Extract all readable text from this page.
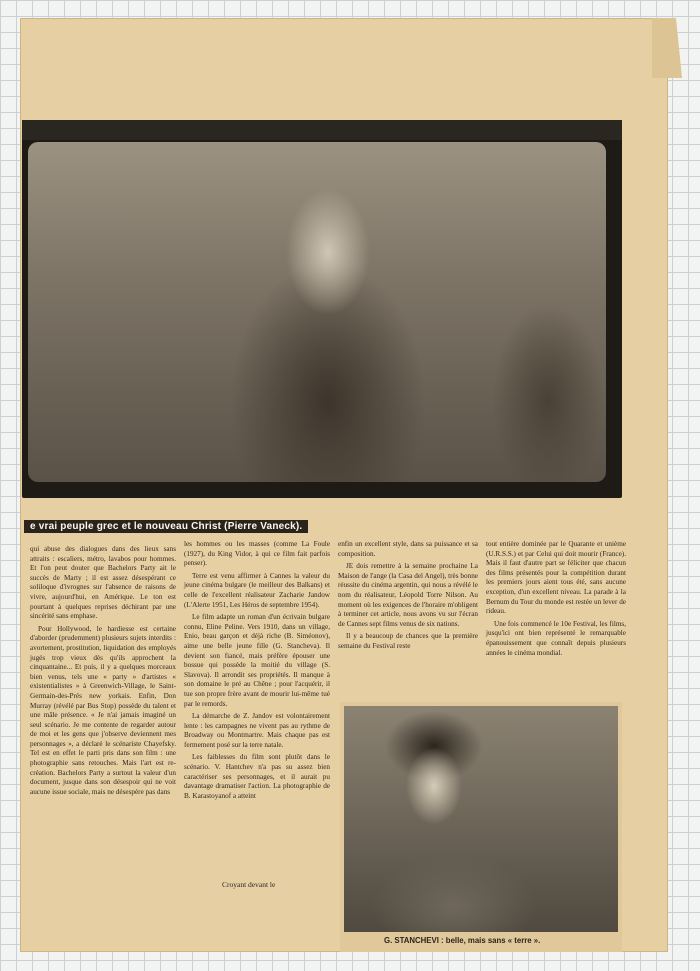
e vrai peuple grec et le nouveau Christ (Pierre Vaneck).

qui abuse des dialogues dans des lieux sans attraits : escaliers, métro, lavabos pour hommes. Et l'on peut douter que Bachelors Party ait le succès de Marty ; il est assez désespérant ce soliloque d'ivrognes sur l'absence de raisons de vivre, aujourd'hui, en Amérique. Le ton est pourtant à quelques reprises déchirant par une sincérité sans emphase.

Pour Hollywood, le hardiesse est certaine d'aborder (prudemment) plusieurs sujets interdits : avortement, prostitution, liquidation des employés jugés trop vieux dès qu'ils approchent la cinquantaine... Et puis, il y a quelques morceaux bien venus, tels une « party » d'artistes « existentialistes » à Greenwich-Village, le Saint-Germain-des-Prés new yorkais. Enfin, Don Murray (révélé par Bus Stop) possède du talent et une mâle présence. « Je n'ai jamais imaginé un seul scénario. Je me contente de regarder autour de moi et les gens que j'observe deviennent mes personnages », a déclaré le scénariste Chayefsky. Tel est en effet le parti pris dans son film : une photographie sans retouches. Mais l'art est re-création. Bachelors Party a surtout la valeur d'un document, jusque dans son désespoir qui ne voit aucune issue sociale, mais ne désespère pas dans

les hommes ou les masses (comme La Foule (1927), du King Vidor, à qui ce film fait parfois penser).

Terre est venu affirmer à Cannes la valeur du jeune cinéma bulgare (le meilleur des Balkans) et celle de l'excellent réalisateur Zacharie Jandow (L'Alerte 1951, Les Héros de septembre 1954).

Le film adapte un roman d'un écrivain bulgare connu, Eline Peline. Vers 1910, dans un village, Enio, beau garçon et déjà riche (B. Siméonov), aime une belle jeune fille (G. Stancheva). Il devient son fiancé, mais préfère épouser une bossue qui possède la moitié du village (S. Slavova). Il arrondit ses propriétés. Il manque à son domaine le pré au Chêne ; pour l'acquérir, il tue son propre frère avant de mourir lui-même tué par le remords.

La démarche de Z. Jandov est volontairement lente : les campagnes ne vivent pas au rythme de Broadway ou Montmartre. Mais chaque pas est fermement posé sur la terre natale.

Les faiblesses du film sont plutôt dans le scénario. V. Hantchev n'a pas su assez bien caractériser ses personnages, et il aurait pu davantage dramatiser l'action. La photographie de B. Karastoyanof a atteint

enfin un excellent style, dans sa puissance et sa composition.

JE dois remettre à la semaine prochaine La Maison de l'ange (la Casa del Angel), très bonne réussite du cinéma argentin, qui nous a révélé le nom du réalisateur, Léopold Torre Nilson. Au moment où les exigences de l'horaire m'obligent à terminer cet article, nous avons vu sur l'écran de Cannes sept films venus de six nations.

Il y a beaucoup de chances que la première semaine du Festival reste

tout entière dominée par le Quarante et unième (U.R.S.S.) et par Celui qui doit mourir (France). Mais il faut d'autre part se féliciter que chacun des films présentés pour la compétition durant les premiers jours aient tous été, sans aucune exception, d'un excellent niveau. La parade à la Bernum du Tour du monde est restée un lever de rideau.

Une fois commencé le 10e Festival, les films, jusqu'ici ont bien représenté le remarquable épanouissement que connaît depuis plusieurs années le cinéma mondial.

Croyant devant le
G. STANCHEVI : belle, mais sans « terre ».
